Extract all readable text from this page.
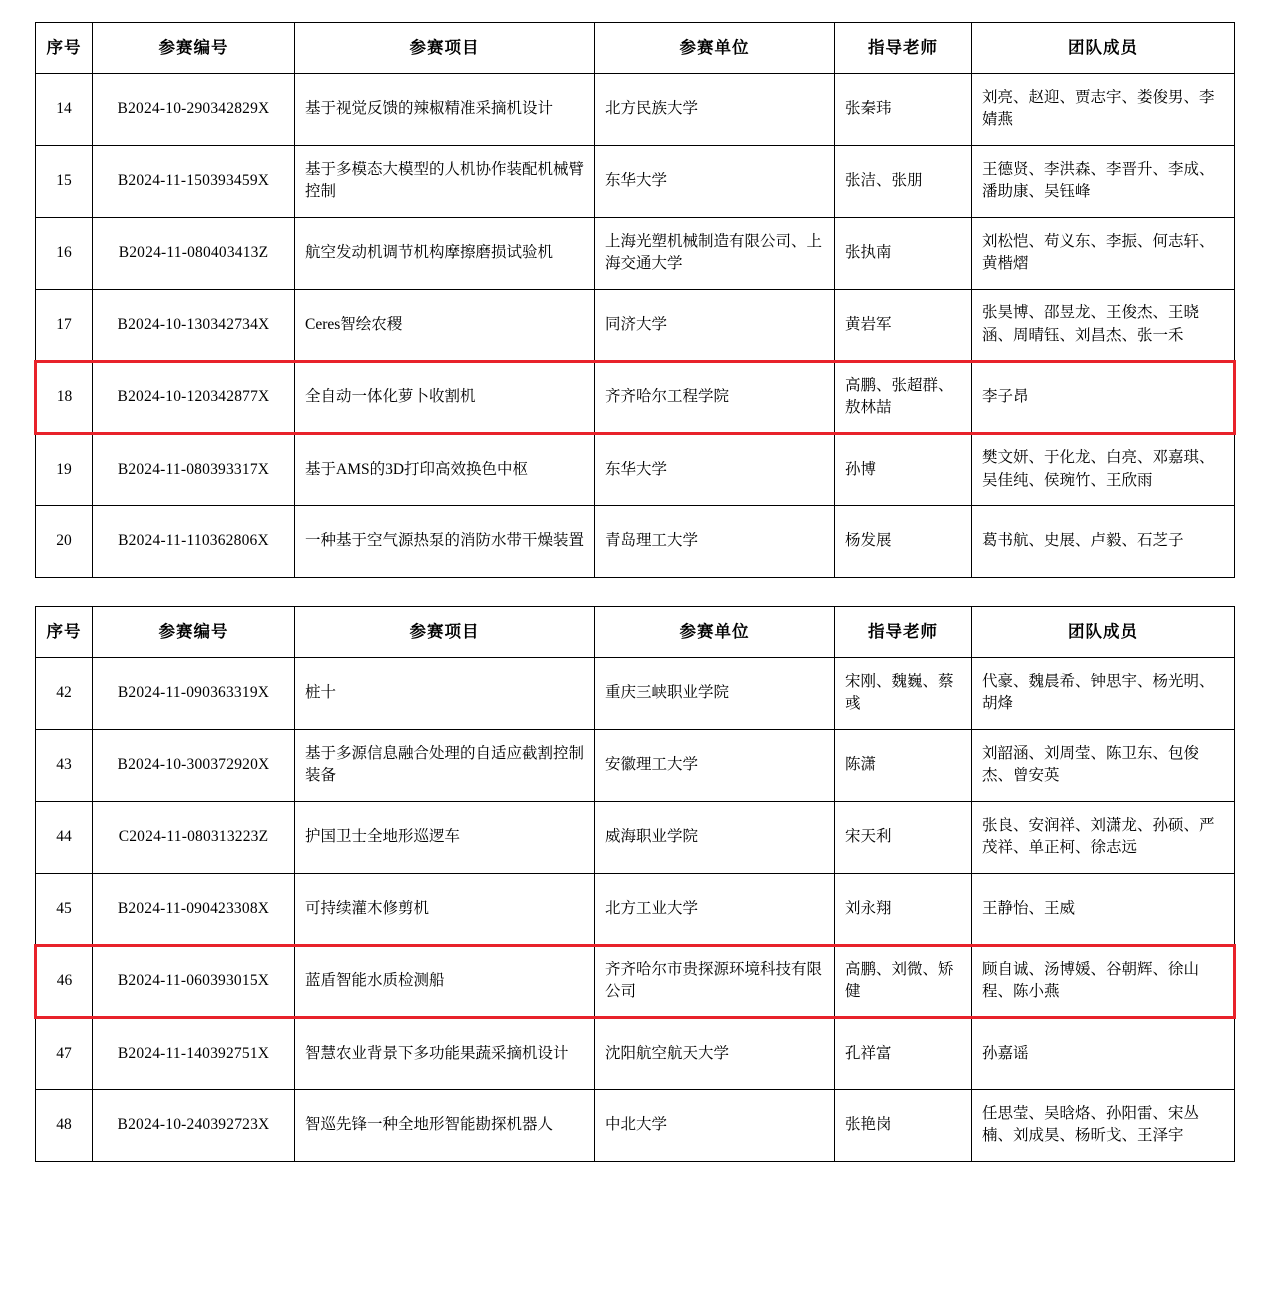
序号	参赛编号	参赛项目	参赛单位	指导老师	团队成员
14	B2024-10-290342829X	基于视觉反馈的辣椒精准采摘机设计	北方民族大学	张秦玮	刘亮、赵迎、贾志宇、娄俊男、李婧燕
15	B2024-11-150393459X	基于多模态大模型的人机协作装配机械臂控制	东华大学	张洁、张朋	王德贤、李洪森、李晋升、李成、潘助康、吴钰峰
16	B2024-11-080403413Z	航空发动机调节机构摩擦磨损试验机	上海光塑机械制造有限公司、上海交通大学	张执南	刘松恺、苟义东、李振、何志轩、黄楷熠
17	B2024-10-130342734X	Ceres智绘农稷	同济大学	黄岩军	张昊博、邵昱龙、王俊杰、王晓涵、周晴钰、刘昌杰、张一禾
18	B2024-10-120342877X	全自动一体化萝卜收割机	齐齐哈尔工程学院	高鹏、张超群、敖林喆	李子昂
19	B2024-11-080393317X	基于AMS的3D打印高效换色中枢	东华大学	孙博	樊文妍、于化龙、白亮、邓嘉琪、吴佳纯、侯琬竹、王欣雨
20	B2024-11-110362806X	一种基于空气源热泵的消防水带干燥装置	青岛理工大学	杨发展	葛书航、史展、卢毅、石芝子
序号	参赛编号	参赛项目	参赛单位	指导老师	团队成员
42	B2024-11-090363319X	桩十	重庆三峡职业学院	宋刚、魏巍、蔡彧	代豪、魏晨希、钟思宇、杨光明、胡烽
43	B2024-10-300372920X	基于多源信息融合处理的自适应截割控制装备	安徽理工大学	陈潇	刘韶涵、刘周莹、陈卫东、包俊杰、曾安英
44	C2024-11-080313223Z	护国卫士全地形巡逻车	威海职业学院	宋天利	张良、安润祥、刘潇龙、孙硕、严茂祥、单正柯、徐志远
45	B2024-11-090423308X	可持续灌木修剪机	北方工业大学	刘永翔	王静怡、王威
46	B2024-11-060393015X	蓝盾智能水质检测船	齐齐哈尔市贵探源环境科技有限公司	高鹏、刘微、矫健	顾自诚、汤博媛、谷朝辉、徐山程、陈小燕
47	B2024-11-140392751X	智慧农业背景下多功能果蔬采摘机设计	沈阳航空航天大学	孔祥富	孙嘉谣
48	B2024-10-240392723X	智巡先锋一种全地形智能勘探机器人	中北大学	张艳岗	任思莹、吴晗烙、孙阳雷、宋丛楠、刘成昊、杨昕戈、王泽宇
